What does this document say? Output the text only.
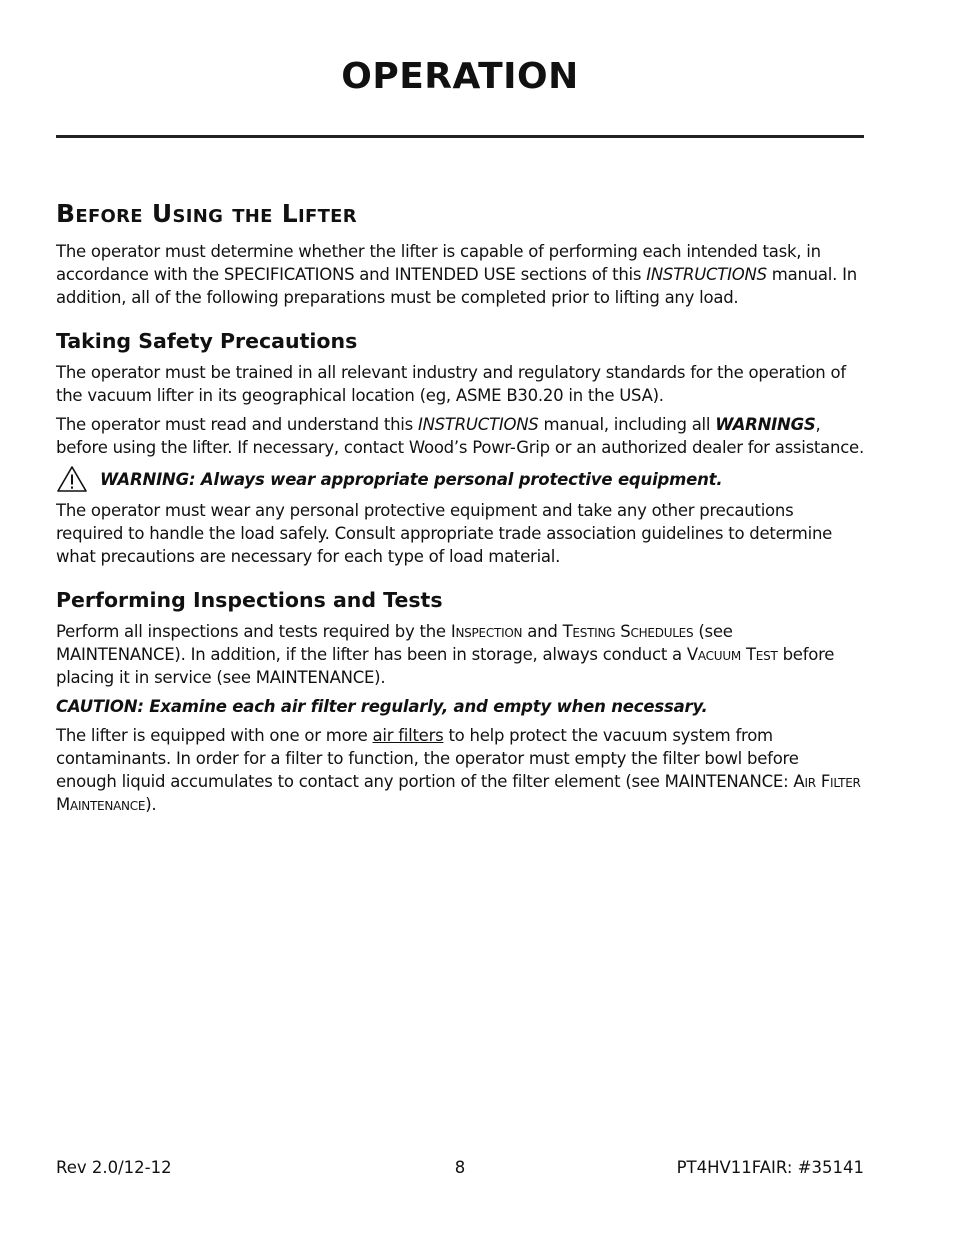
OPERATION
Before Using the Lifter

The operator must determine whether the lifter is capable of performing each intended task, in accordance with the SPECIFICATIONS and INTENDED USE sections of this INSTRUCTIONS manual. In addition, all of the following preparations must be completed prior to lifting any load.

Taking Safety Precautions

The operator must be trained in all relevant industry and regulatory standards for the operation of the vacuum lifter in its geographical location (eg, ASME B30.20 in the USA).

The operator must read and understand this INSTRUCTIONS manual, including all WARNINGS, before using the lifter. If necessary, contact Wood’s Powr-Grip or an authorized dealer for assistance.

WARNING: Always wear appropriate personal protective equipment.

The operator must wear any personal protective equipment and take any other precautions required to handle the load safely. Consult appropriate trade association guidelines to determine what precautions are necessary for each type of load material.

Performing Inspections and Tests

Perform all inspections and tests required by the Inspection and Testing Schedules (see MAINTENANCE). In addition, if the lifter has been in storage, always conduct a Vacuum Test before placing it in service (see MAINTENANCE).

CAUTION: Examine each air filter regularly, and empty when necessary.

The lifter is equipped with one or more air filters to help protect the vacuum system from contaminants. In order for a filter to function, the operator must empty the filter bowl before enough liquid accumulates to contact any portion of the filter element (see MAINTENANCE: Air Filter Maintenance).

Rev 2.0/12-12	8	PT4HV11FAIR: #35141
